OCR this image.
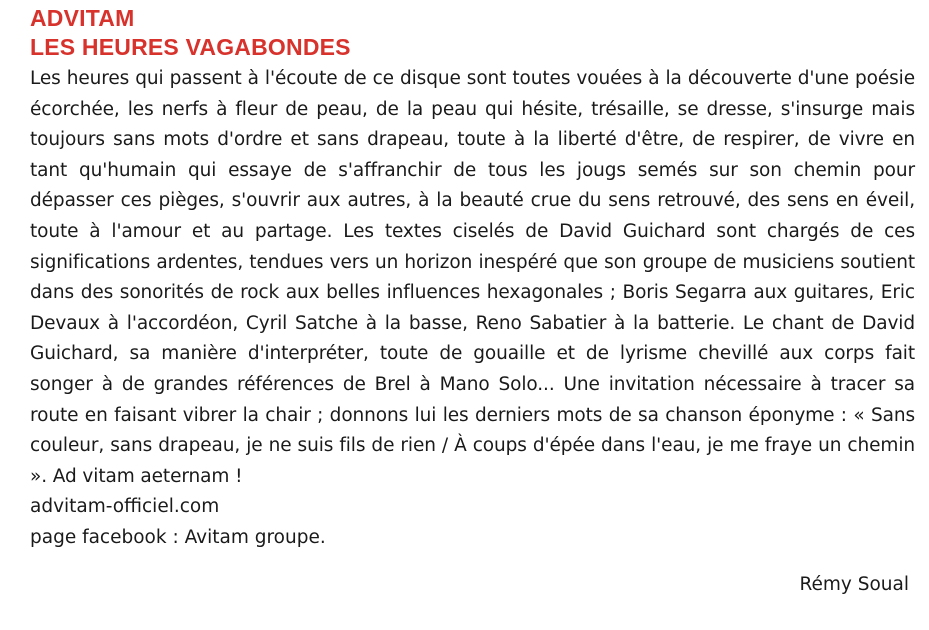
ADVITAM
LES HEURES VAGABONDES

Les heures qui passent à l'écoute de ce disque sont toutes vouées à la découverte d'une poésie écorchée, les nerfs à fleur de peau, de la peau qui hésite, trésaille, se dresse, s'insurge mais toujours sans mots d'ordre et sans drapeau, toute à la liberté d'être, de respirer, de vivre en tant qu'humain qui essaye de s'affranchir de tous les jougs semés sur son chemin pour dépasser ces pièges, s'ouvrir aux autres, à la beauté crue du sens retrouvé, des sens en éveil, toute à l'amour et au partage. Les textes ciselés de David Guichard sont chargés de ces significations ardentes, tendues vers un horizon inespéré que son groupe de musiciens soutient dans des sonorités de rock aux belles influences hexagonales ; Boris Segarra aux guitares, Eric Devaux à l'accordéon, Cyril Satche à la basse, Reno Sabatier à la batterie. Le chant de David Guichard, sa manière d'interpréter, toute de gouaille et de lyrisme chevillé aux corps fait songer à de grandes références de Brel à Mano Solo... Une invitation nécessaire à tracer sa route en faisant vibrer la chair ; donnons lui les derniers mots de sa chanson éponyme : « Sans couleur, sans drapeau, je ne suis fils de rien / À coups d'épée dans l'eau, je me fraye un chemin ». Ad vitam aeternam !

advitam-officiel.com
page facebook : Avitam groupe.
Rémy Soual
